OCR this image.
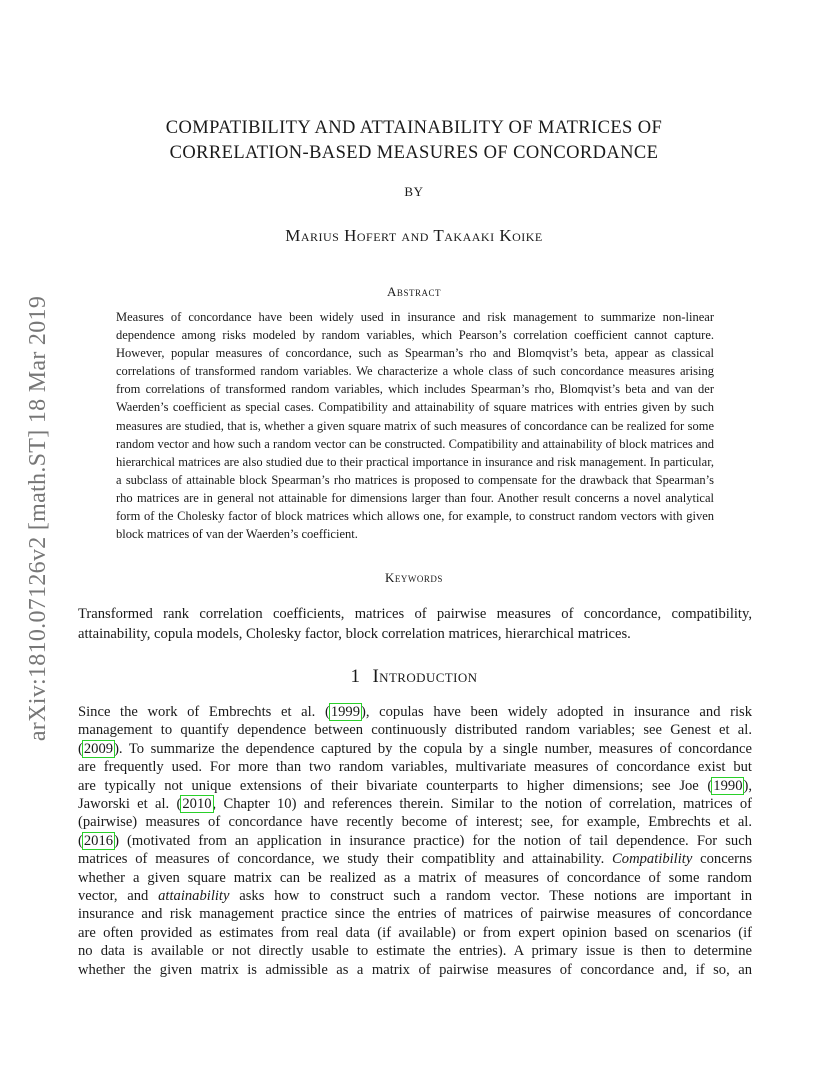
arXiv:1810.07126v2 [math.ST] 18 Mar 2019
COMPATIBILITY AND ATTAINABILITY OF MATRICES OF
CORRELATION-BASED MEASURES OF CONCORDANCE
BY
Marius Hofert and Takaaki Koike
Abstract
Measures of concordance have been widely used in insurance and risk management to summarize non-linear dependence among risks modeled by random variables, which Pearson’s correlation coefficient cannot capture. However, popular measures of concordance, such as Spearman’s rho and Blomqvist’s beta, appear as classical correlations of transformed random variables. We characterize a whole class of such concordance measures arising from correlations of transformed random variables, which includes Spearman’s rho, Blomqvist’s beta and van der Waerden’s coefficient as special cases. Compatibility and attainability of square matrices with entries given by such measures are studied, that is, whether a given square matrix of such measures of concordance can be realized for some random vector and how such a random vector can be constructed. Compatibility and attainability of block matrices and hierarchical matrices are also studied due to their practical importance in insurance and risk management. In particular, a subclass of attainable block Spearman’s rho matrices is proposed to compensate for the drawback that Spearman’s rho matrices are in general not attainable for dimensions larger than four. Another result concerns a novel analytical form of the Cholesky factor of block matrices which allows one, for example, to construct random vectors with given block matrices of van der Waerden’s coefficient.
Keywords
Transformed rank correlation coefficients, matrices of pairwise measures of concordance, compatibility, attainability, copula models, Cholesky factor, block correlation matrices, hierarchical matrices.
1 Introduction
Since the work of Embrechts et al. (1999), copulas have been widely adopted in insurance and risk
management to quantify dependence between continuously distributed random variables; see Genest et al.
(2009). To summarize the dependence captured by the copula by a single number, measures of concordance
are frequently used. For more than two random variables, multivariate measures of concordance exist but
are typically not unique extensions of their bivariate counterparts to higher dimensions; see Joe (1990),
Jaworski et al. (2010, Chapter 10) and references therein. Similar to the notion of correlation, matrices of
(pairwise) measures of concordance have recently become of interest; see, for example, Embrechts et al.
(2016) (motivated from an application in insurance practice) for the notion of tail dependence. For such
matrices of measures of concordance, we study their compatiblity and attainability. Compatibility concerns
whether a given square matrix can be realized as a matrix of measures of concordance of some random
vector, and attainability asks how to construct such a random vector. These notions are important in
insurance and risk management practice since the entries of matrices of pairwise measures of concordance
are often provided as estimates from real data (if available) or from expert opinion based on scenarios (if
no data is available or not directly usable to estimate the entries). A primary issue is then to determine
whether the given matrix is admissible as a matrix of pairwise measures of concordance and, if so, an
